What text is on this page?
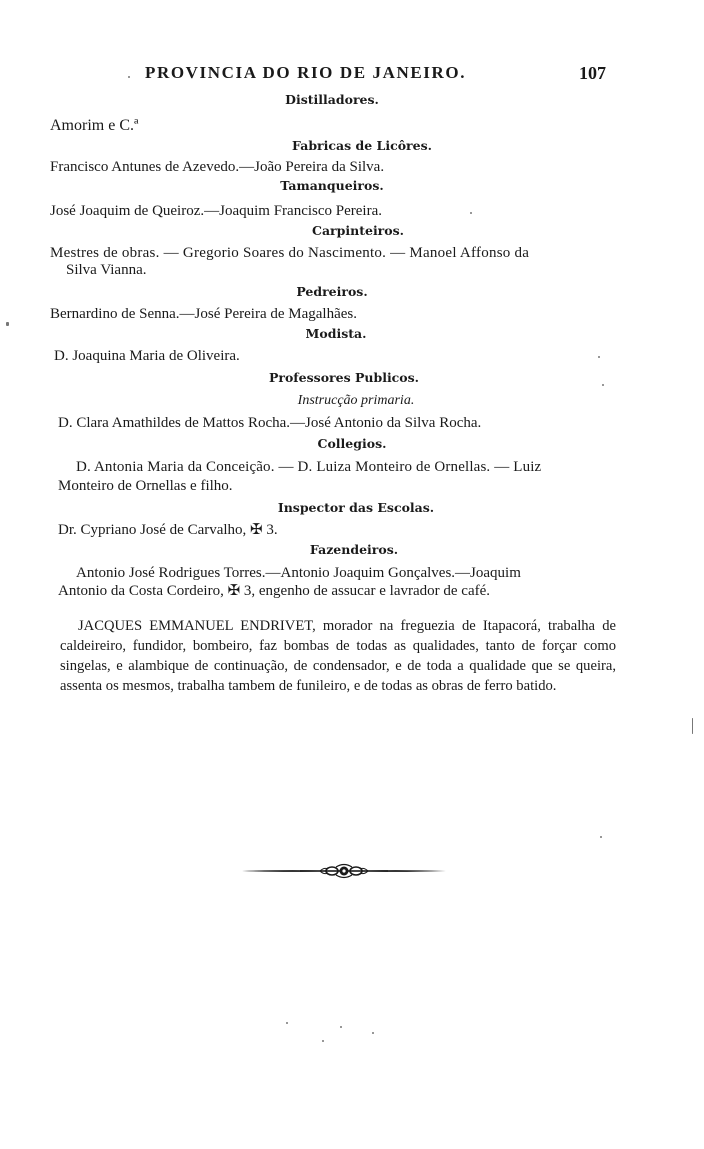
PROVINCIA DO RIO DE JANEIRO.	107
Distilladores.
Amorim e C.ª
Fabricas de Licôres.
Francisco Antunes de Azevedo.—João Pereira da Silva.
Tamanqueiros.
José Joaquim de Queiroz.—Joaquim Francisco Pereira.
Carpinteiros.
Mestres de obras. — Gregorio Soares do Nascimento. — Manoel Affonso da
Silva Vianna.
Pedreiros.
Bernardino de Senna.—José Pereira de Magalhães.
Modista.
D. Joaquina Maria de Oliveira.
Professores Publicos.
Instrucção primaria.
D. Clara Amathildes de Mattos Rocha.—José Antonio da Silva Rocha.
Collegios.
D. Antonia Maria da Conceição. — D. Luiza Monteiro de Ornellas. — Luiz
Monteiro de Ornellas e filho.
Inspector das Escolas.
Dr. Cypriano José de Carvalho, ✠ 3.
Fazendeiros.
Antonio José Rodrigues Torres.—Antonio Joaquim Gonçalves.—Joaquim
Antonio da Costa Cordeiro, ✠ 3, engenho de assucar e lavrador de café.
JACQUES EMMANUEL ENDRIVET, morador na freguezia de Itapacorá, trabalha de caldeireiro, fundidor, bombeiro, faz bombas de todas as qualidades, tanto de forçar como singelas, e alambique de continuação, de condensador, e de toda a qualidade que se queira, assenta os mesmos, trabalha tambem de funileiro, e de todas as obras de ferro batido.
